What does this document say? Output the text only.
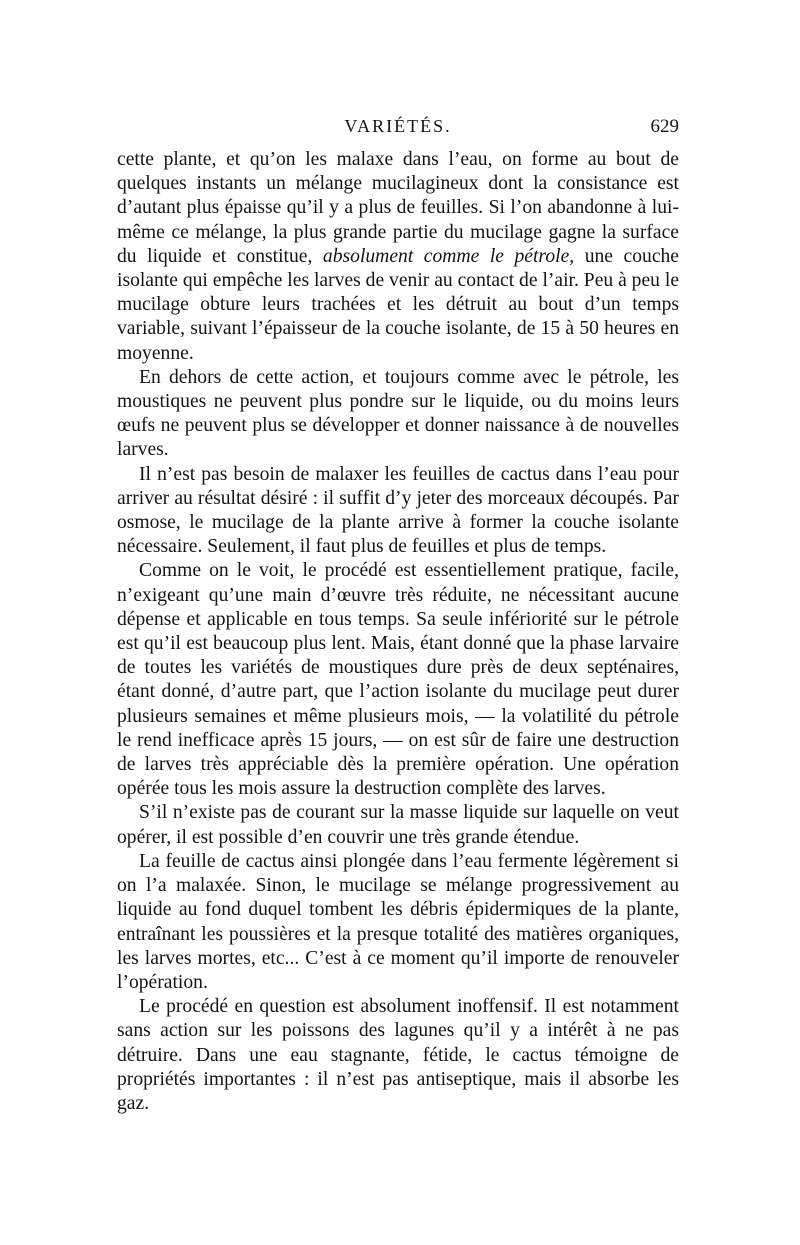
VARIÉTÉS.	629

cette plante, et qu’on les malaxe dans l’eau, on forme au bout de quelques instants un mélange mucilagineux dont la consistance est d’autant plus épaisse qu’il y a plus de feuilles. Si l’on abandonne à lui-même ce mélange, la plus grande partie du mucilage gagne la surface du liquide et constitue, absolument comme le pétrole, une couche isolante qui empêche les larves de venir au contact de l’air. Peu à peu le mucilage obture leurs trachées et les détruit au bout d’un temps variable, suivant l’épaisseur de la couche isolante, de 15 à 50 heures en moyenne.

En dehors de cette action, et toujours comme avec le pétrole, les moustiques ne peuvent plus pondre sur le liquide, ou du moins leurs œufs ne peuvent plus se développer et donner naissance à de nouvelles larves.

Il n’est pas besoin de malaxer les feuilles de cactus dans l’eau pour arriver au résultat désiré : il suffit d’y jeter des morceaux découpés. Par osmose, le mucilage de la plante arrive à former la couche isolante nécessaire. Seulement, il faut plus de feuilles et plus de temps.

Comme on le voit, le procédé est essentiellement pratique, facile, n’exigeant qu’une main d’œuvre très réduite, ne nécessitant aucune dépense et applicable en tous temps. Sa seule infériorité sur le pétrole est qu’il est beaucoup plus lent. Mais, étant donné que la phase larvaire de toutes les variétés de moustiques dure près de deux septénaires, étant donné, d’autre part, que l’action isolante du mucilage peut durer plusieurs semaines et même plusieurs mois, — la volatilité du pétrole le rend inefficace après 15 jours, — on est sûr de faire une destruction de larves très appréciable dès la première opération. Une opération opérée tous les mois assure la destruction complète des larves.

S’il n’existe pas de courant sur la masse liquide sur laquelle on veut opérer, il est possible d’en couvrir une très grande étendue.

La feuille de cactus ainsi plongée dans l’eau fermente légèrement si on l’a malaxée. Sinon, le mucilage se mélange progressivement au liquide au fond duquel tombent les débris épidermiques de la plante, entraînant les poussières et la presque totalité des matières organiques, les larves mortes, etc... C’est à ce moment qu’il importe de renouveler l’opération.

Le procédé en question est absolument inoffensif. Il est notamment sans action sur les poissons des lagunes qu’il y a intérêt à ne pas détruire. Dans une eau stagnante, fétide, le cactus témoigne de propriétés importantes : il n’est pas antiseptique, mais il absorbe les gaz.
